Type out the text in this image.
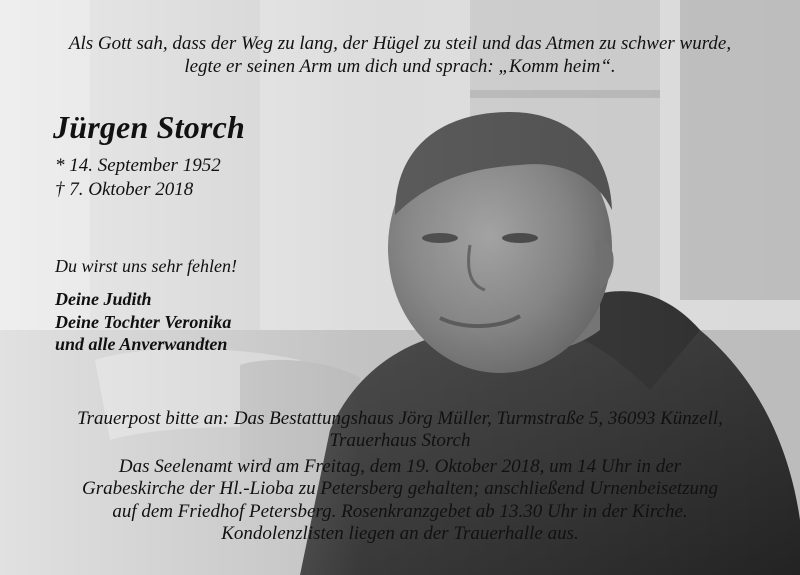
Als Gott sah, dass der Weg zu lang, der Hügel zu steil und das Atmen zu schwer wurde,
legte er seinen Arm um dich und sprach: „Komm heim“.
Jürgen Storch
* 14. September 1952
† 7. Oktober 2018
Du wirst uns sehr fehlen!
Deine Judith
Deine Tochter Veronika
und alle Anverwandten
Trauerpost bitte an: Das Bestattungshaus Jörg Müller, Turmstraße 5, 36093 Künzell,
Trauerhaus Storch
Das Seelenamt wird am Freitag, dem 19. Oktober 2018, um 14 Uhr in der
Grabeskirche der Hl.-Lioba zu Petersberg gehalten; anschließend Urnenbeisetzung
auf dem Friedhof Petersberg. Rosenkranzgebet ab 13.30 Uhr in der Kirche.
Kondolenzlisten liegen an der Trauerhalle aus.
